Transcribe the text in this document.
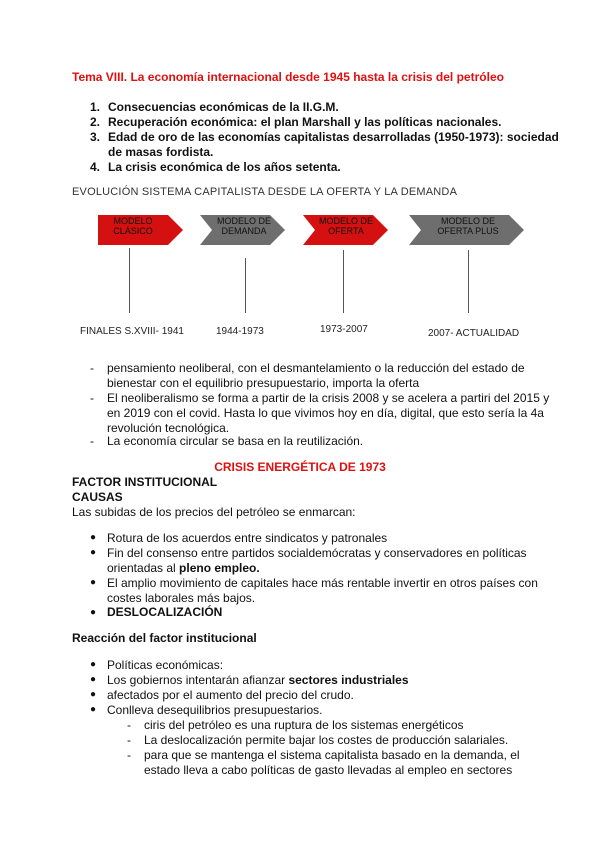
Tema VIII. La economía internacional desde 1945 hasta la crisis del petróleo
1. Consecuencias económicas de la II.G.M.
2. Recuperación económica: el plan Marshall y las políticas nacionales.
3. Edad de oro de las economías capitalistas desarrolladas (1950-1973): sociedad
de masas fordista.
4. La crisis económica de los años setenta.
EVOLUCIÓN SISTEMA CAPITALISTA DESDE LA OFERTA Y LA DEMANDA
MODELO
CLÁSICO
MODELO DE
DEMANDA
MODELO DE
OFERTA
MODELO DE
OFERTA PLUS
FINALES S.XVIII- 1941	1944-1973	1973-2007	2007- ACTUALIDAD
- pensamiento neoliberal, con el desmantelamiento o la reducción del estado de
bienestar con el equilibrio presupuestario, importa la oferta
- El neoliberalismo se forma a partir de la crisis 2008 y se acelera a partiri del 2015 y
en 2019 con el covid. Hasta lo que vivimos hoy en día, digital, que esto sería la 4a
revolución tecnológica.
- La economía circular se basa en la reutilización.
CRISIS ENERGÉTICA DE 1973
FACTOR INSTITUCIONAL
CAUSAS
Las subidas de los precios del petróleo se enmarcan:
● Rotura de los acuerdos entre sindicatos y patronales
● Fin del consenso entre partidos socialdemócratas y conservadores en políticas
orientadas al pleno empleo.
● El amplio movimiento de capitales hace más rentable invertir en otros países con
costes laborales más bajos.
● DESLOCALIZACIÓN
Reacción del factor institucional
● Políticas económicas:
● Los gobiernos intentarán afianzar sectores industriales
● afectados por el aumento del precio del crudo.
● Conlleva desequilibrios presupuestarios.
- ciris del petróleo es una ruptura de los sistemas energéticos
- La deslocalización permite bajar los costes de producción salariales.
- para que se mantenga el sistema capitalista basado en la demanda, el
estado lleva a cabo políticas de gasto llevadas al empleo en sectores
